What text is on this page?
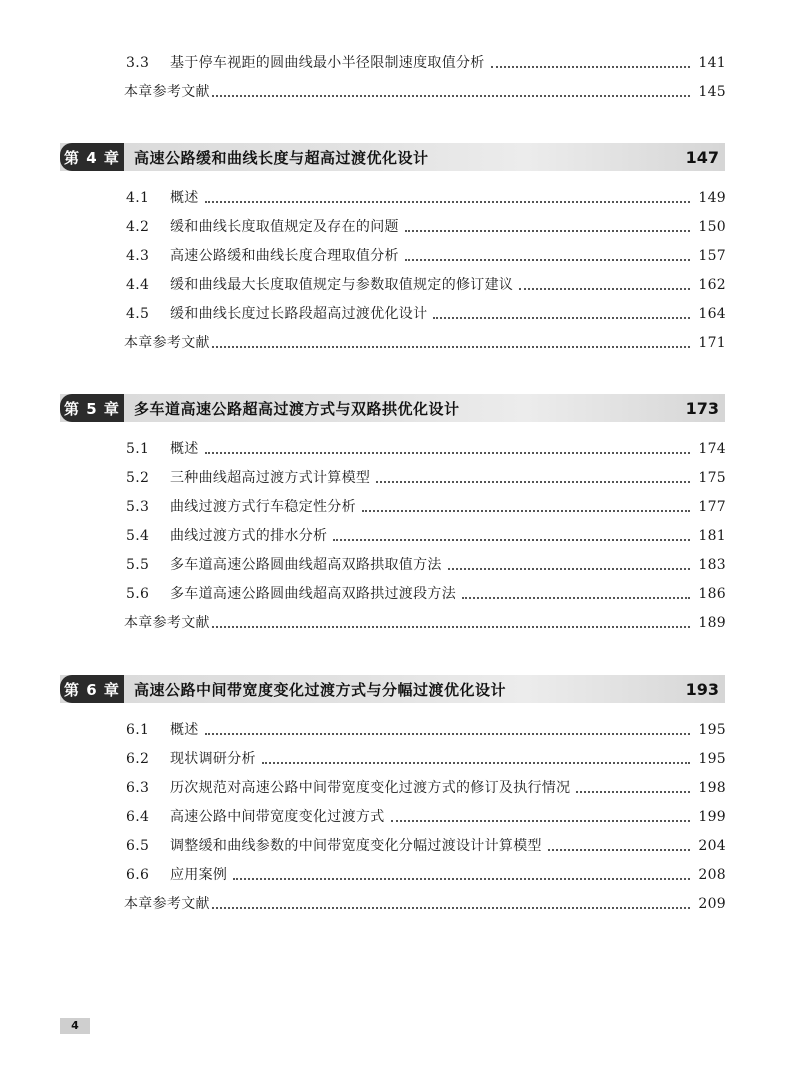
4
3.3	基于停车视距的圆曲线最小半径限制速度取值分析	141
本章参考文献	145
第 4 章 高速公路缓和曲线长度与超高过渡优化设计	147
4.1	概述	149
4.2	缓和曲线长度取值规定及存在的问题	150
4.3	高速公路缓和曲线长度合理取值分析	157
4.4	缓和曲线最大长度取值规定与参数取值规定的修订建议	162
4.5	缓和曲线长度过长路段超高过渡优化设计	164
本章参考文献	171
第 5 章 多车道高速公路超高过渡方式与双路拱优化设计	173
5.1	概述	174
5.2	三种曲线超高过渡方式计算模型	175
5.3	曲线过渡方式行车稳定性分析	177
5.4	曲线过渡方式的排水分析	181
5.5	多车道高速公路圆曲线超高双路拱取值方法	183
5.6	多车道高速公路圆曲线超高双路拱过渡段方法	186
本章参考文献	189
第 6 章 高速公路中间带宽度变化过渡方式与分幅过渡优化设计	193
6.1	概述	195
6.2	现状调研分析	195
6.3	历次规范对高速公路中间带宽度变化过渡方式的修订及执行情况	198
6.4	高速公路中间带宽度变化过渡方式	199
6.5	调整缓和曲线参数的中间带宽度变化分幅过渡设计计算模型	204
6.6	应用案例	208
本章参考文献	209
